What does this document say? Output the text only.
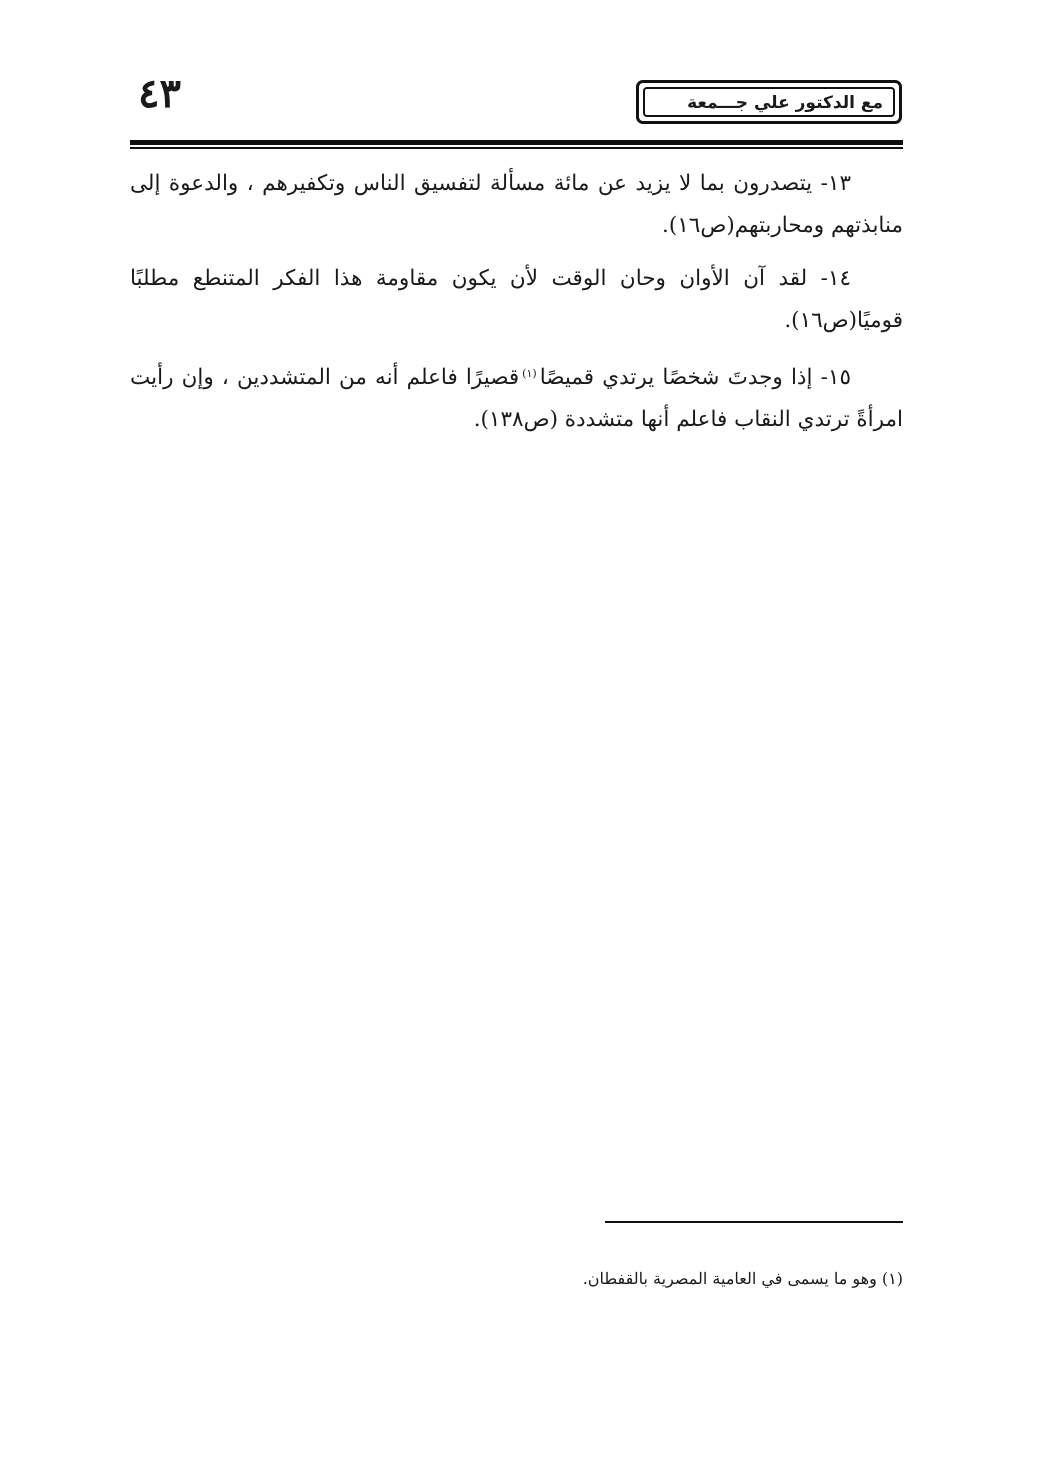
٤٣	مع الدكتور علي جـــمعة

١٣- يتصدرون بما لا يزيد عن مائة مسألة لتفسيق الناس وتكفيرهم ، والدعوة إلى منابذتهم ومحاربتهم(ص١٦).

١٤- لقد آن الأوان وحان الوقت لأن يكون مقاومة هذا الفكر المتنطع مطلبًا قوميًا(ص١٦).

١٥- إذا وجدتَ شخصًا يرتدي قميصًا$^{(١)}$قصيرًا فاعلم أنه من المتشددين ، وإن رأيت امرأةً ترتدي النقاب فاعلم أنها متشددة (ص١٣٨).

(١) وهو ما يسمى في العامية المصرية بالقفطان.
